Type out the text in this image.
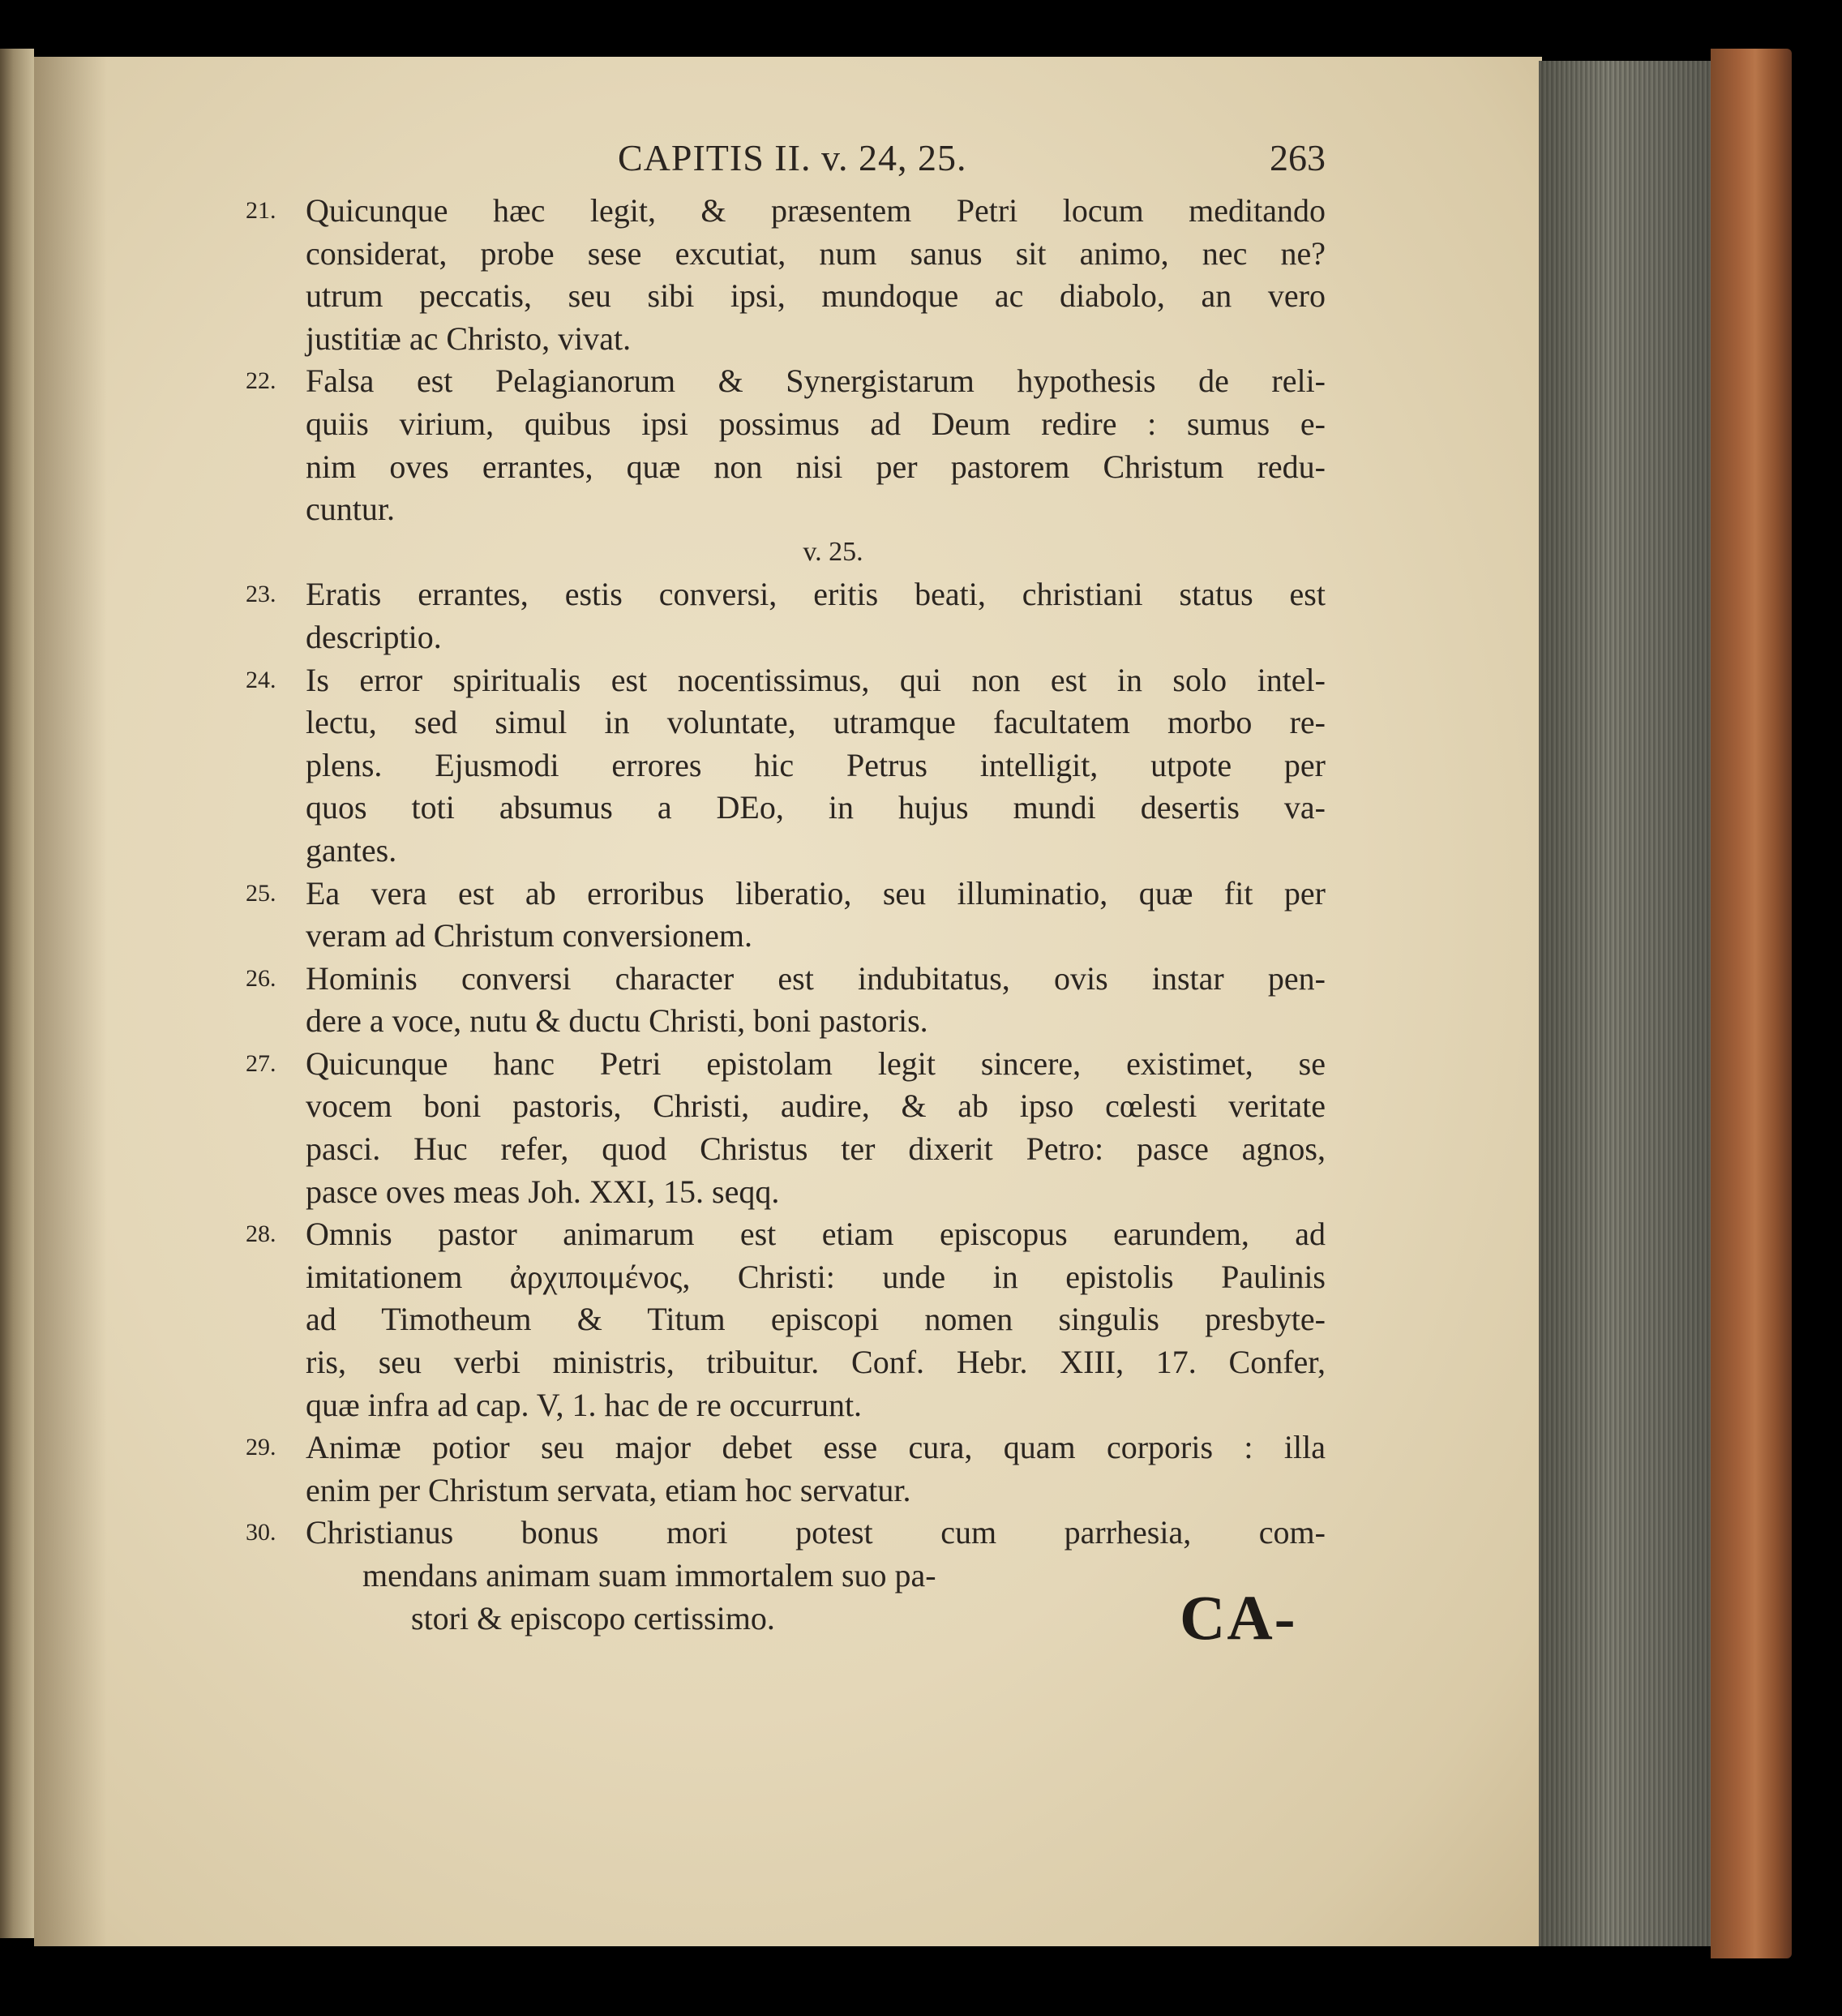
CAPITIS II. v. 24, 25.	263
21. Quicunque hæc legit, & præsentem Petri locum meditando
considerat, probe sese excutiat, num sanus sit animo, nec ne?
utrum peccatis, seu sibi ipsi, mundoque ac diabolo, an vero
justitiæ ac Christo, vivat.
22. Falsa est Pelagianorum & Synergistarum hypothesis de reli-
quiis virium, quibus ipsi possimus ad Deum redire : sumus e-
nim oves errantes, quæ non nisi per pastorem Christum redu-
cuntur.
v. 25.
23. Eratis errantes, estis conversi, eritis beati, christiani status est
descriptio.
24. Is error spiritualis est nocentissimus, qui non est in solo intel-
lectu, sed simul in voluntate, utramque facultatem morbo re-
plens. Ejusmodi errores hic Petrus intelligit, utpote per
quos toti absumus a DEo, in hujus mundi desertis va-
gantes.
25. Ea vera est ab erroribus liberatio, seu illuminatio, quæ fit per
veram ad Christum conversionem.
26. Hominis conversi character est indubitatus, ovis instar pen-
dere a voce, nutu & ductu Christi, boni pastoris.
27. Quicunque hanc Petri epistolam legit sincere, existimet, se
vocem boni pastoris, Christi, audire, & ab ipso cœlesti veritate
pasci. Huc refer, quod Christus ter dixerit Petro: pasce agnos,
pasce oves meas Joh. XXI, 15. seqq.
28. Omnis pastor animarum est etiam episcopus earundem, ad
imitationem ἀρχιποιμένος, Christi: unde in epistolis Paulinis
ad Timotheum & Titum episcopi nomen singulis presbyte-
ris, seu verbi ministris, tribuitur. Conf. Hebr. XIII, 17. Confer,
quæ infra ad cap. V, 1. hac de re occurrunt.
29. Animæ potior seu major debet esse cura, quam corporis : illa
enim per Christum servata, etiam hoc servatur.
30. Christianus bonus mori potest cum parrhesia, com-
mendans animam suam immortalem suo pa-
stori & episcopo certissimo.	CA-
